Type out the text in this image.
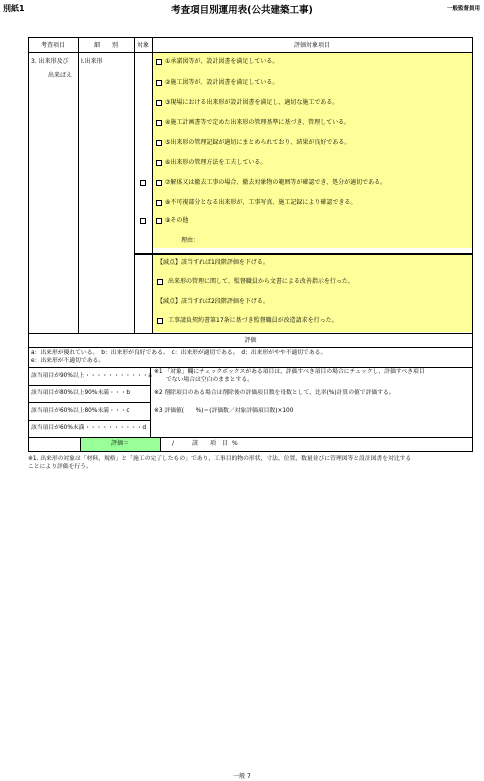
別紙1	考査項目別運用表(公共建築工事)	一般監督員用
考査項目	細　　別	対象	評価対象項目
3. 出来形及び
出来ばえ
Ⅰ.出来形	①承諾図等が、設計図書を満足している。
②施工図等が、設計図書を満足している。
③現場における出来形が設計図書を満足し、適切な施工である。
④施工計画書等で定めた出来形の管理基準に基づき、管理している。
⑤出来形の管理記録が適切にまとめられており、結果が良好である。
⑥出来形の管理方法を工夫している。
⑦解体又は撤去工事の場合、撤去対象物の範囲等が確認でき、処分が適切である。
⑧不可視部分となる出来形が、工事写真、施工記録により確認できる。
⑨その他
理由：
【減点】該当すれば1段階評価を下げる。
出来形の管理に関して、監督職員から文書による改善指示を行った。
【減点】該当すれば2段階評価を下げる。
工事請負契約書第17条に基づき監督職員が改造請求を行った。
評価
a：出来形が優れている。　b：出来形が良好である。　c：出来形が適切である。　d：出来形がやや不適切である。
e：出来形が不適切である。
該当項目が90%以上・・・・・・・・・・・a
該当項目が80%以上90%未満・・・b
該当項目が60%以上80%未満・・・c
該当項目が60%未満・・・・・・・・・・d
※1 「対象」欄にチェックボックスがある項目は、評価すべき項目の場合にチェックし、評価すべき項目
でない場合は空白のままとする。
※2 削除項目のある場合は削除後の評価項目数を母数として、比率(%)計算の値で評価する。
※3 評価値(　　%)＝(評価数／対象評価項目数)×100
評価＝	/	該　　項　目 %
※1. 出来形の対象は「材料、規格」と「施工の完了したもの」であり、工事目的物の形状、寸法、位置、数量並びに管理図等と設計図書を対比する
ことにより評価を行う。
一般 7
